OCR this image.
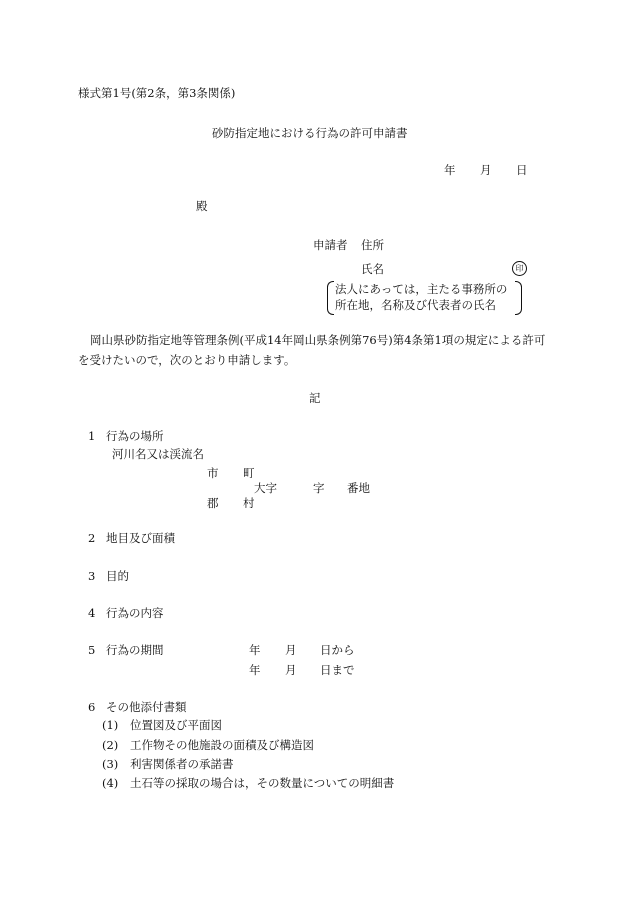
様式第1号(第2条，第3条関係)
砂防指定地における行為の許可申請書
年 月 日
殿
申請者 住所
氏名	印
法人にあっては，主たる事務所の
所在地，名称及び代表者の氏名
岡山県砂防指定地等管理条例(平成14年岡山県条例第76号)第4条第1項の規定による許可を受けたいので，次のとおり申請します。
記
1 行為の場所
河川名又は渓流名
市 町
大字	字 番地
郡 村
2 地目及び面積
3 目的
4 行為の内容
5 行為の期間	年 月 日から
年 月 日まで
6 その他添付書類
(1) 位置図及び平面図
(2) 工作物その他施設の面積及び構造図
(3) 利害関係者の承諾書
(4) 土石等の採取の場合は，その数量についての明細書
